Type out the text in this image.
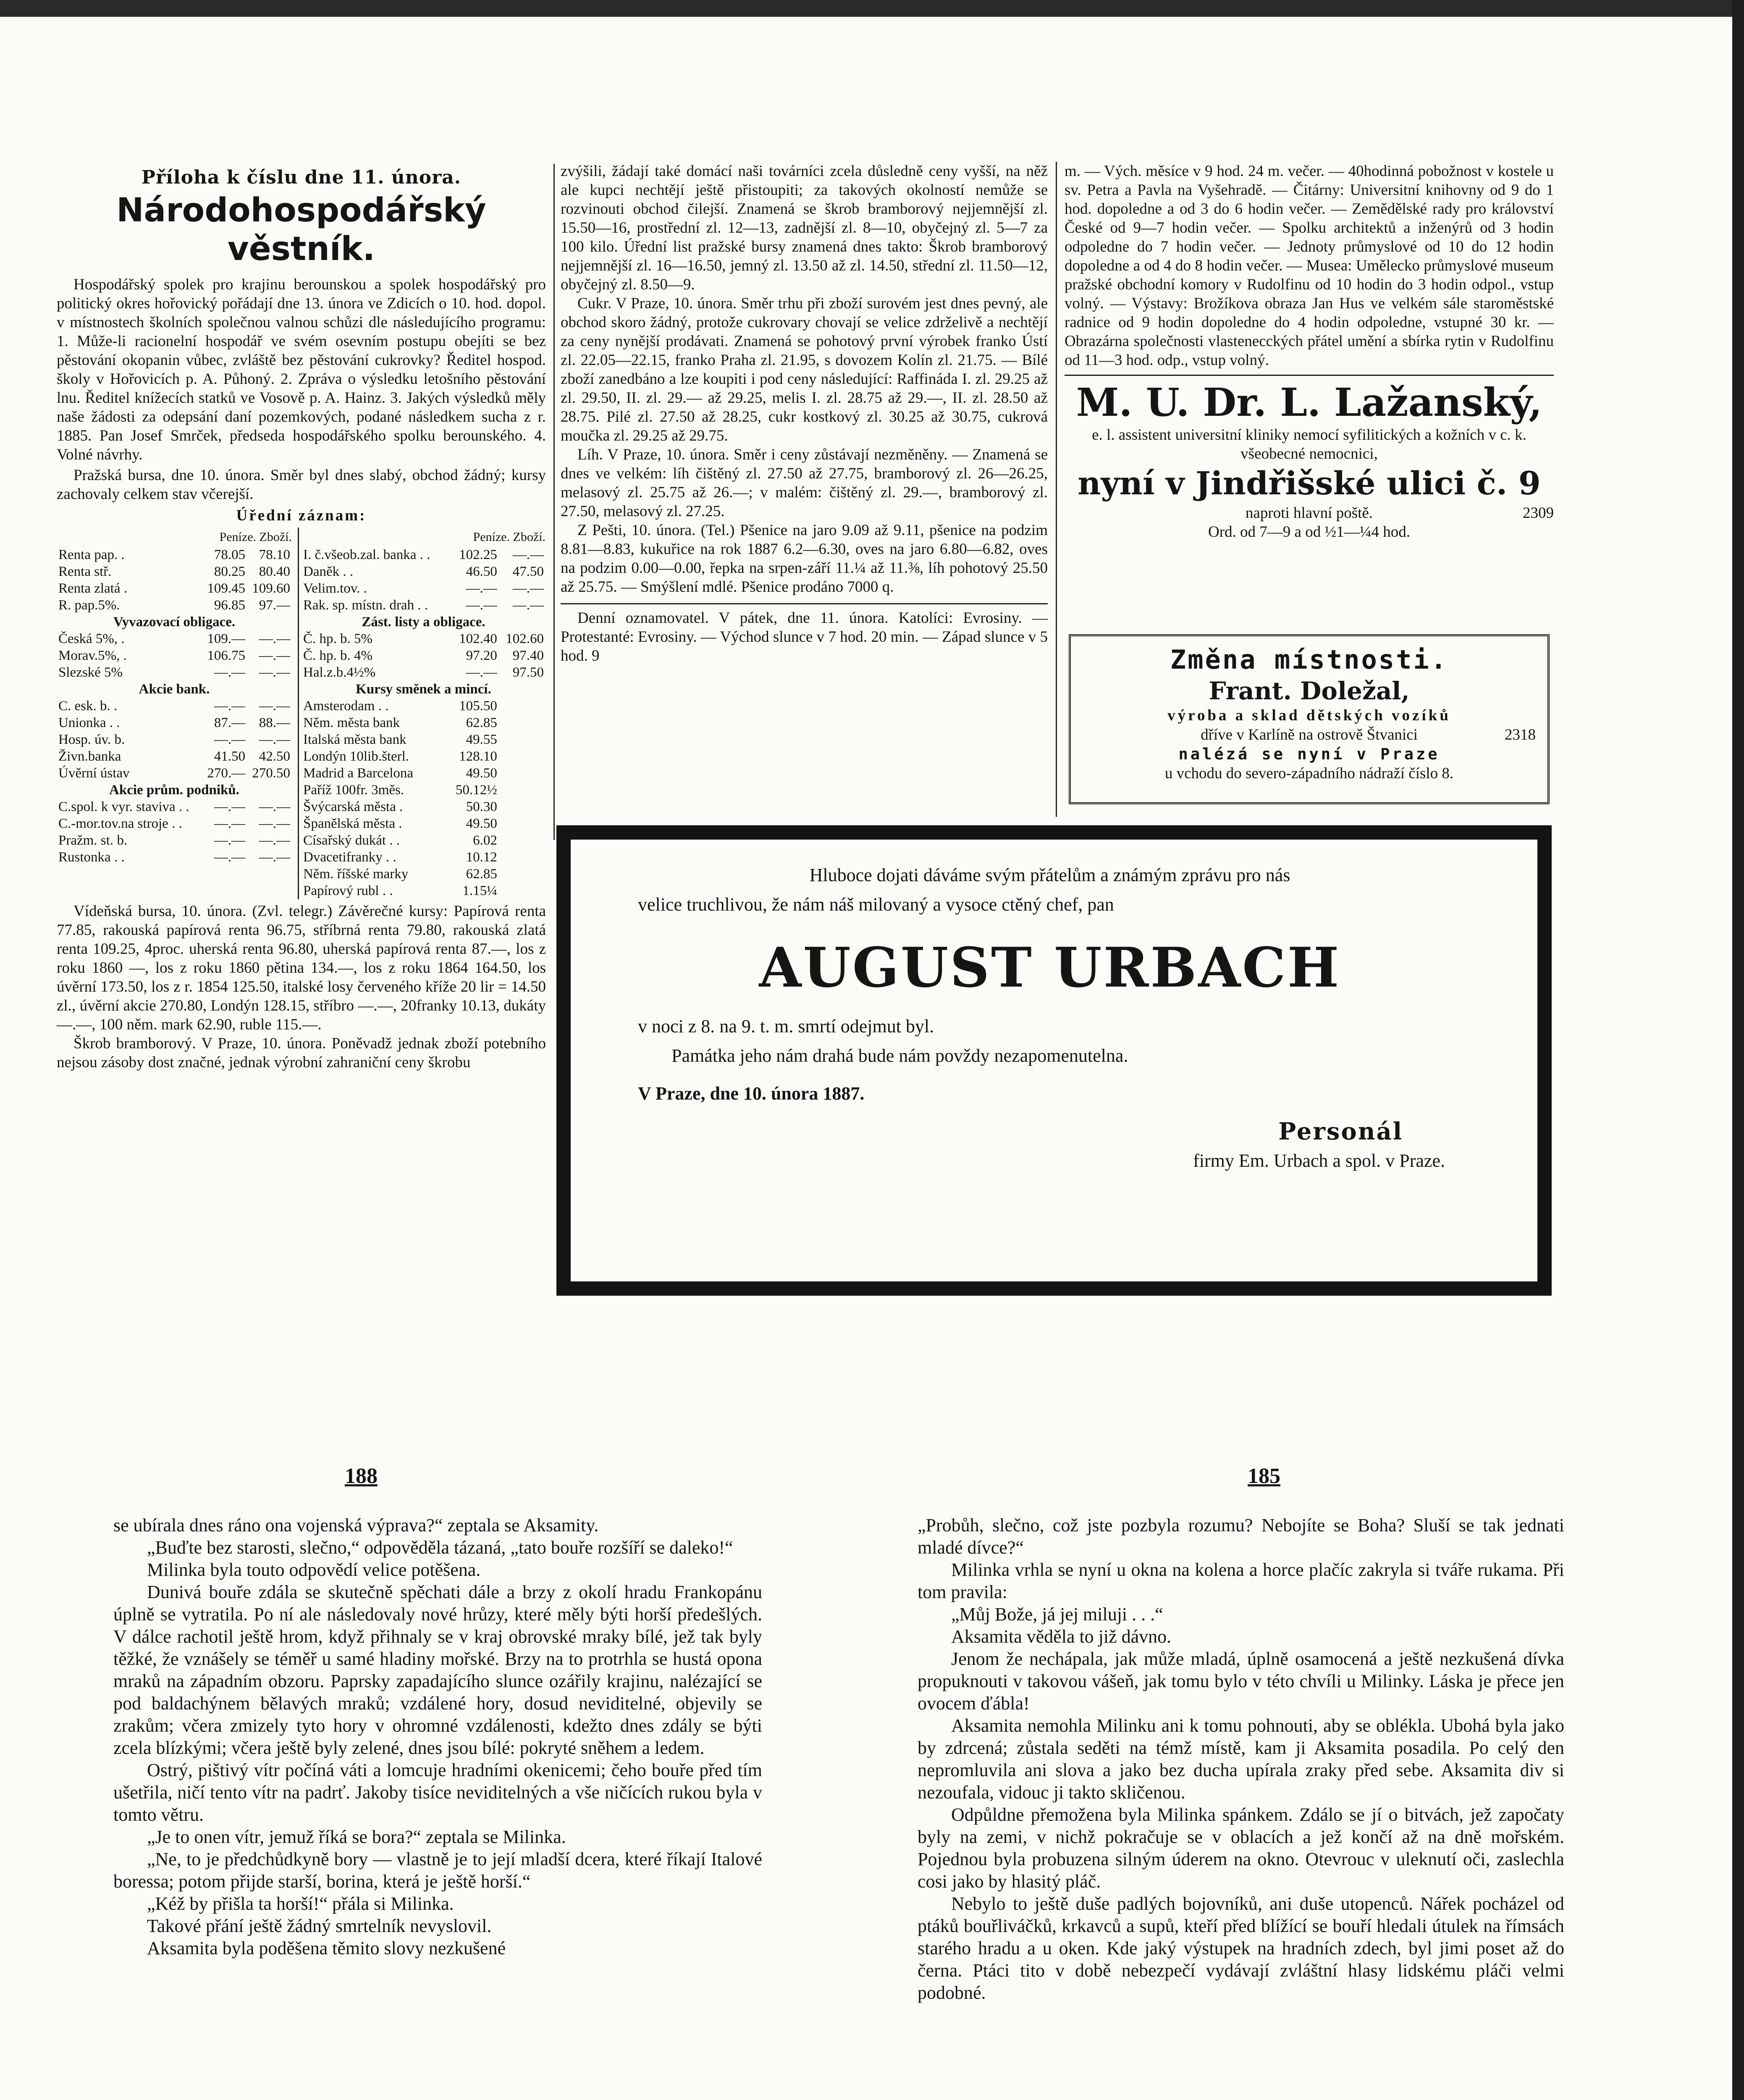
Příloha k číslu dne 11. února.
Národohospodářský věstník.

Hospodářský spolek pro krajinu berounskou a spolek hospodářský pro politický okres hořovický pořádají dne 13. února ve Zdicích o 10. hod. dopol. v místnostech školních společnou valnou schůzi dle následujícího programu: 1. Může-li racionelní hospodář ve svém osevním postupu obejíti se bez pěstování okopanin vůbec, zvláště bez pěstování cukrovky? Ředitel hospod. školy v Hořovicích p. A. Půhoný. 2. Zpráva o výsledku letošního pěstování lnu. Ředitel knížecích statků ve Vosově p. A. Hainz. 3. Jakých výsledků měly naše žádosti za odepsání daní pozemkových, podané následkem sucha z r. 1885. Pan Josef Smrček, předseda hospodářského spolku berounského. 4. Volné návrhy.

Pražská bursa, dne 10. února. Směr byl dnes slabý, obchod žádný; kursy zachovaly celkem stav včerejší.

Úřední záznam:
Peníze. Zboží.
Renta pap. .	78.05	78.10
Renta stř.	80.25	80.40
Renta zlatá .	109.45	109.60
R. pap.5%.	96.85	97.—
Vyvazovací obligace.		
Česká 5%, .	109.—	—.—
Morav.5%, .	106.75	—.—
Slezské 5%	—.—	—.—
Akcie bank.		
C. esk. b. .	—.—	—.—
Unionka . .	87.—	88.—
Hosp. úv. b.	—.—	—.—
Živn.banka	41.50	42.50
Úvěrní ústav	270.—	270.50
Akcie prům. podniků.		
C.spol. k vyr. stavivа . .	—.—	—.—
C.-mor.tov.na stroje . .	—.—	—.—
Pražm. st. b.	—.—	—.—
Rustonka . .	—.—	—.—
Peníze. Zboží.
I. č.všeob.zal. banka . .	102.25	—.—
Daněk . .	46.50	47.50
Velim.tov. .	—.—	—.—
Rak. sp. místn. drah . .	—.—	—.—
Zást. listy a obligace.		
Č. hp. b. 5%	102.40	102.60
Č. hp. b. 4%	97.20	97.40
Hal.z.b.4½%	—.—	97.50
Kursy směnek a mincí.		
Amsterodam . .	105.50	
Něm. města bank	62.85	
Italská města bank	49.55	
Londýn 10lib.šterl.	128.10	
Madrid a Barcelona	49.50	
Paříž 100fr. 3měs.	50.12½	
Švýcarská města .	50.30	
Španělská města .	49.50	
Císařský dukát . .	6.02	
Dvacetifranky . .	10.12	
Něm. říšské marky	62.85	
Papírový rubl . .	1.15¼	

Vídeňská bursa, 10. února. (Zvl. telegr.) Závěrečné kursy: Papírová renta 77.85, rakouská papírová renta 96.75, stříbrná renta 79.80, rakouská zlatá renta 109.25, 4proc. uherská renta 96.80, uherská papírová renta 87.—, los z roku 1860 —, los z roku 1860 pětina 134.—, los z roku 1864 164.50, los úvěrní 173.50, los z r. 1854 125.50, italské losy červeného kříže 20 lir = 14.50 zl., úvěrní akcie 270.80, Londýn 128.15, stříbro —.—, 20franky 10.13, dukáty —.—, 100 něm. mark 62.90, ruble 115.—.

Škrob bramborový. V Praze, 10. února. Poněvadž jednak zboží potebního nejsou zásoby dost značné, jednak výrobní zahraniční ceny škrobu

zvýšili, žádají také domácí naši továrníci zcela důsledně ceny vyšší, na něž ale kupci nechtějí ještě přistoupiti; za takových okolností nemůže se rozvinouti obchod čilejší. Znamená se škrob bramborový nejjemnější zl. 15.50—16, prostřední zl. 12—13, zadnější zl. 8—10, obyčejný zl. 5—7 za 100 kilo. Úřední list pražské bursy znamená dnes takto: Škrob bramborový nejjemnější zl. 16—16.50, jemný zl. 13.50 až zl. 14.50, střední zl. 11.50—12, obyčejný zl. 8.50—9.

Cukr. V Praze, 10. února. Směr trhu při zboží surovém jest dnes pevný, ale obchod skoro žádný, protože cukrovary chovají se velice zdrželivě a nechtějí za ceny nynější prodávati. Znamená se pohotový první výrobek franko Ústí zl. 22.05—22.15, franko Praha zl. 21.95, s dovozem Kolín zl. 21.75. — Bílé zboží zanedbáno a lze koupiti i pod ceny následující: Raffináda I. zl. 29.25 až zl. 29.50, II. zl. 29.— až 29.25, melis I. zl. 28.75 až 29.—, II. zl. 28.50 až 28.75. Pilé zl. 27.50 až 28.25, cukr kostkový zl. 30.25 až 30.75, cukrová moučka zl. 29.25 až 29.75.

Líh. V Praze, 10. února. Směr i ceny zůstávají nezměněny. — Znamená se dnes ve velkém: líh čištěný zl. 27.50 až 27.75, bramborový zl. 26—26.25, melasový zl. 25.75 až 26.—; v malém: čištěný zl. 29.—, bramborový zl. 27.50, melasový zl. 27.25.

Z Pešti, 10. února. (Tel.) Pšenice na jaro 9.09 až 9.11, pšenice na podzim 8.81—8.83, kukuřice na rok 1887 6.2—6.30, oves na jaro 6.80—6.82, oves na podzim 0.00—0.00, řepka na srpen-září 11.¼ až 11.⅜, líh pohotový 25.50 až 25.75. — Smýšlení mdlé. Pšenice prodáno 7000 q.

Denní oznamovatel. V pátek, dne 11. února. Katolíci: Evrosiny. — Protestanté: Evrosiny. — Východ slunce v 7 hod. 20 min. — Západ slunce v 5 hod. 9

m. — Vých. měsíce v 9 hod. 24 m. večer. — 40hodinná pobožnost v kostele u sv. Petra a Pavla na Vyšehradě. — Čitárny: Universitní knihovny od 9 do 1 hod. dopoledne a od 3 do 6 hodin večer. — Zemědělské rady pro království České od 9—7 hodin večer. — Spolku architektů a inženýrů od 3 hodin odpoledne do 7 hodin večer. — Jednoty průmyslové od 10 do 12 hodin dopoledne a od 4 do 8 hodin večer. — Musea: Umělecko průmyslové museum pražské obchodní komory v Rudolfinu od 10 hodin do 3 hodin odpol., vstup volný. — Výstavy: Brožíkova obraza Jan Hus ve velkém sále staroměstské radnice od 9 hodin dopoledne do 4 hodin odpoledne, vstupné 30 kr. — Obrazárna společnosti vlastenecckých přátel umění a sbírka rytin v Rudolfinu od 11—3 hod. odp., vstup volný.

M. U. Dr. L. Lažanský,
e. l. assistent universitní kliniky nemocí syfilitických a kožních v c. k. všeobecné nemocnici,
nyní v Jindřišské ulici č. 9
naproti hlavní poště.	2309
Ord. od 7—9 a od ½1—¼4 hod.
Změna místnosti.
Frant. Doležal,
výroba a sklad dětských vozíků
dříve v Karlíně na ostrově Štvanici	2318
nalézá se nyní v Praze
u vchodu do severo-západního nádraží číslo 8.
Hluboce dojati dáváme svým přátelům a známým zprávu pro nás
velice truchlivou, že nám náš milovaný a vysoce ctěný chef, pan
AUGUST URBACH
v noci z 8. na 9. t. m. smrtí odejmut byl.
Památka jeho nám drahá bude nám povždy nezapomenutelna.
V Praze, dne 10. února 1887.
Personál
firmy Em. Urbach a spol. v Praze.
188	185

se ubírala dnes ráno ona vojenská výprava?“ zeptala se Aksamity.

„Buďte bez starosti, slečno,“ odpověděla tázaná, „tato bouře rozšíří se daleko!“

Milinka byla touto odpovědí velice potěšena.

Dunivá bouře zdála se skutečně spěchati dále a brzy z okolí hradu Frankopánu úplně se vytratila. Po ní ale následovaly nové hrůzy, které měly býti horší předešlých. V dálce rachotil ještě hrom, když přihnaly se v kraj obrovské mraky bílé, jež tak byly těžké, že vznášely se téměř u samé hladiny mořské. Brzy na to protrhla se hustá opona mraků na západním obzoru. Paprsky zapadajícího slunce ozářily krajinu, nalézající se pod baldachýnem bělavých mraků; vzdálené hory, dosud neviditelné, objevily se zrakům; včera zmizely tyto hory v ohromné vzdálenosti, kdežto dnes zdály se býti zcela blízkými; včera ještě byly zelené, dnes jsou bílé: pokryté sněhem a ledem.

Ostrý, pištivý vítr počíná váti a lomcuje hradními okenicemi; čeho bouře před tím ušetřila, ničí tento vítr na padrť. Jakoby tisíce neviditelných a vše ničících rukou byla v tomto větru.

„Je to onen vítr, jemuž říká se bora?“ zeptala se Milinka.

„Ne, to je předchůdkyně bory — vlastně je to její mladší dcera, které říkají Italové boressa; potom přijde starší, borina, která je ještě horší.“

„Kéž by přišla ta horší!“ přála si Milinka.

Takové přání ještě žádný smrtelník nevyslovil.

Aksamita byla poděšena těmito slovy nezkušené

„Probůh, slečno, což jste pozbyla rozumu? Nebojíte se Boha? Sluší se tak jednati mladé dívce?“

Milinka vrhla se nyní u okna na kolena a horce plačíc zakryla si tváře rukama. Při tom pravila:

„Můj Bože, já jej miluji . . .“

Aksamita věděla to již dávno.

Jenom že nechápala, jak může mladá, úplně osamocená a ještě nezkušená dívka propuknouti v takovou vášeň, jak tomu bylo v této chvíli u Milinky. Láska je přece jen ovocem ďábla!

Aksamita nemohla Milinku ani k tomu pohnouti, aby se oblékla. Ubohá byla jako by zdrcená; zůstala seděti na témž místě, kam ji Aksamita posadila. Po celý den nepromluvila ani slova a jako bez ducha upírala zraky před sebe. Aksamita div si nezoufala, vidouc ji takto skličenou.

Odpůldne přemožena byla Milinka spánkem. Zdálo se jí o bitvách, jež započaty byly na zemi, v nichž pokračuje se v oblacích a jež končí až na dně mořském. Pojednou byla probuzena silným úderem na okno. Otevrouc v uleknutí oči, zaslechla cosi jako by hlasitý pláč.

Nebylo to ještě duše padlých bojovníků, ani duše utopenců. Nářek pocházel od ptáků bouřliváčků, krkavců a supů, kteří před blížící se bouří hledali útulek na římsách starého hradu a u oken. Kde jaký výstupek na hradních zdech, byl jimi poset až do černa. Ptáci tito v době nebezpečí vydávají zvláštní hlasy lidskému pláči velmi podobné.
